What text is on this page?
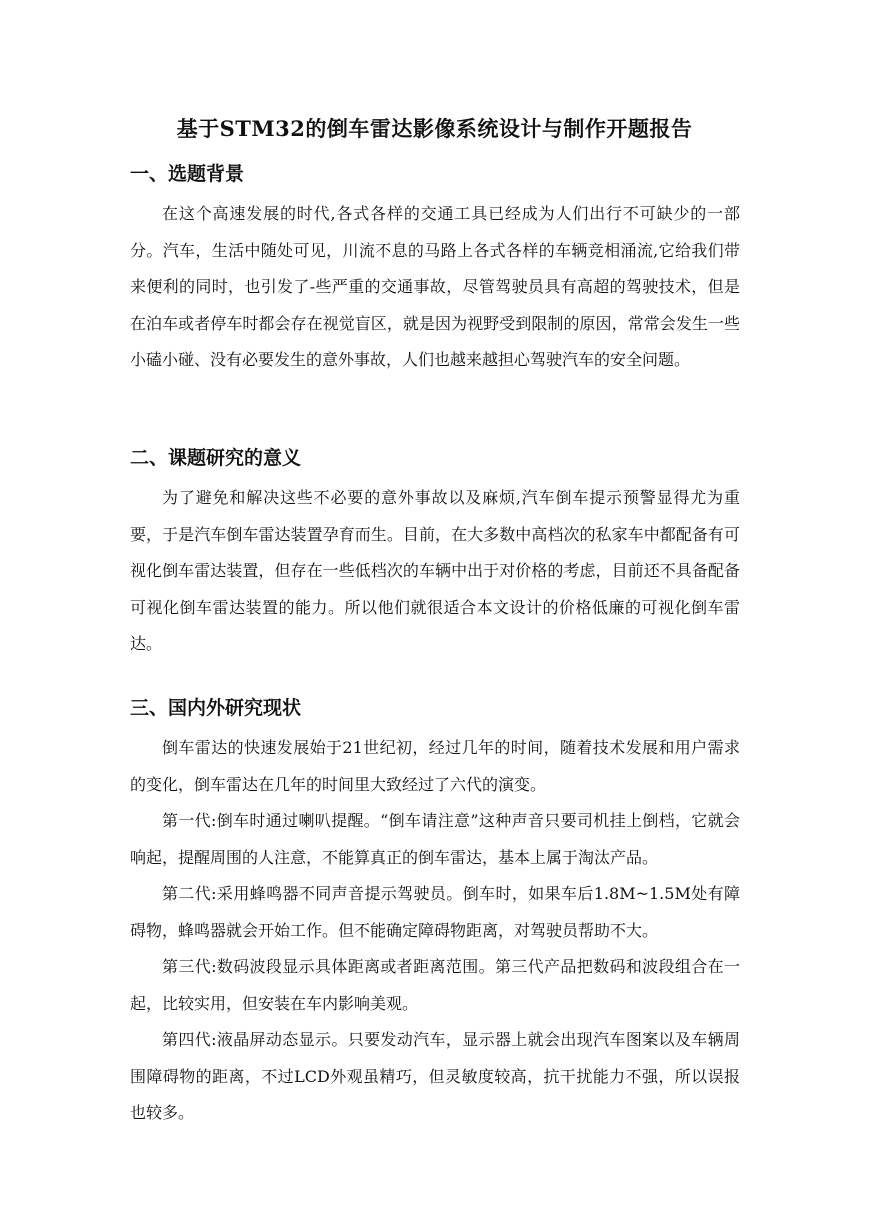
基于STM32的倒车雷达影像系统设计与制作开题报告
一、选题背景

在这个高速发展的时代,各式各样的交通工具已经成为人们出行不可缺少的一部分。汽车，生活中随处可见，川流不息的马路上各式各样的车辆竞相涌流,它给我们带来便利的同时，也引发了-些严重的交通事故，尽管驾驶员具有高超的驾驶技术，但是在泊车或者停车时都会存在视觉盲区，就是因为视野受到限制的原因，常常会发生一些小磕小碰、没有必要发生的意外事故，人们也越来越担心驾驶汽车的安全问题。

二、课题研究的意义

为了避免和解决这些不必要的意外事故以及麻烦,汽车倒车提示预警显得尤为重要，于是汽车倒车雷达装置孕育而生。目前，在大多数中高档次的私家车中都配备有可视化倒车雷达装置，但存在一些低档次的车辆中出于对价格的考虑，目前还不具备配备可视化倒车雷达装置的能力。所以他们就很适合本文设计的价格低廉的可视化倒车雷达。

三、国内外研究现状

倒车雷达的快速发展始于21世纪初，经过几年的时间，随着技术发展和用户需求的变化，倒车雷达在几年的时间里大致经过了六代的演变。

第一代:倒车时通过喇叭提醒。“倒车请注意”这种声音只要司机挂上倒档，它就会响起，提醒周围的人注意，不能算真正的倒车雷达，基本上属于淘汰产品。

第二代:采用蜂鸣器不同声音提示驾驶员。倒车时，如果车后1.8M~1.5M处有障碍物，蜂鸣器就会开始工作。但不能确定障碍物距离，对驾驶员帮助不大。

第三代:数码波段显示具体距离或者距离范围。第三代产品把数码和波段组合在一起，比较实用，但安装在车内影响美观。

第四代:液晶屏动态显示。只要发动汽车，显示器上就会出现汽车图案以及车辆周围障碍物的距离，不过LCD外观虽精巧，但灵敏度较高，抗干扰能力不强，所以误报也较多。
